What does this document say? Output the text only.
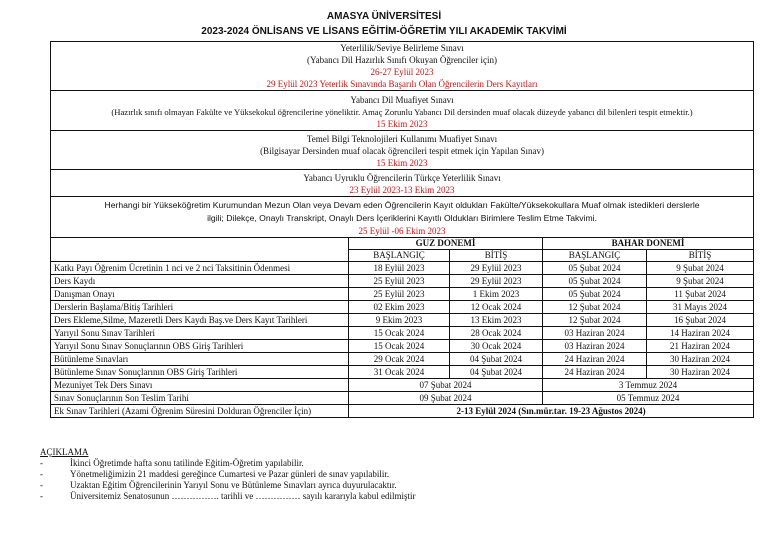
AMASYA ÜNİVERSİTESİ
2023-2024 ÖNLİSANS VE LİSANS EĞİTİM-ÖĞRETİM YILI AKADEMİK TAKVİMİ
Yeterlilik/Seviye Belirleme Sınavı
(Yabancı Dil Hazırlık Sınıfı Okuyan Öğrenciler için)
26-27 Eylül 2023
29 Eylül 2023 Yeterlik Sınavında Başarılı Olan Öğrencilerin Ders Kayıtları				

Yabancı Dil Muafiyet Sınavı
(Hazırlık sınıfı olmayan Fakülte ve Yüksekokul öğrencilerine yöneliktir. Amaç Zorunlu Yabancı Dil dersinden muaf olacak düzeyde yabancı dil bilenleri tespit etmektir.)
15 Ekim 2023				

Temel Bilgi Teknolojileri Kullanımı Muafiyet Sınavı
(Bilgisayar Dersinden muaf olacak öğrencileri tespit etmek için Yapılan Sınav)
15 Ekim 2023				

Yabancı Uyruklu Öğrencilerin Türkçe Yeterlilik Sınavı
23 Eylül 2023-13 Ekim 2023				

Herhangi bir Yükseköğretim Kurumundan Mezun Olan veya Devam eden Öğrencilerin Kayıt oldukları Fakülte/Yüksekokullara Muaf olmak istedikleri derslerle
ilgili; Dilekçe, Onaylı Transkript, Onaylı Ders İçeriklerini Kayıtlı Oldukları Birimlere Teslim Etme Takvimi.
25 Eylül -06 Ekim 2023				

	GUZ DONEMİ		BAHAR DONEMİ	
	BAŞLANGIÇ	BİTİŞ	BAŞLANGIÇ	BİTİŞ
Katkı Payı Öğrenim Ücretinin 1 nci ve 2 nci Taksitinin Ödenmesi	18 Eylül 2023	29 Eylül 2023	05 Şubat 2024	9 Şubat 2024
Ders Kaydı	25 Eylül 2023	29 Eylül 2023	05 Şubat 2024	9 Şubat 2024
Danışman Onayı	25 Eylül 2023	1 Ekim 2023	05 Şubat 2024	11 Şubat 2024
Derslerin Başlama/Bitiş Tarihleri	02 Ekim 2023	12 Ocak 2024	12 Şubat 2024	31 Mayıs 2024
Ders Ekleme,Silme, Mazeretli Ders Kaydı Baş.ve Ders Kayıt Tarihleri	9 Ekim 2023	13 Ekim 2023	12 Şubat 2024	16 Şubat 2024
Yarıyıl Sonu Sınav Tarihleri	15 Ocak 2024	28 Ocak 2024	03 Haziran 2024	14 Haziran 2024
Yarıyıl Sonu Sınav Sonuçlarının OBS Giriş Tarihleri	15 Ocak 2024	30 Ocak 2024	03 Haziran 2024	21 Haziran 2024
Bütünleme Sınavları	29 Ocak 2024	04 Şubat 2024	24 Haziran 2024	30 Haziran 2024
Bütünleme Sınav Sonuçlarının OBS Giriş Tarihleri	31 Ocak 2024	04 Şubat 2024	24 Haziran 2024	30 Haziran 2024
Mezuniyet Tek Ders Sınavı	07 Şubat 2024		3 Temmuz 2024	
Sınav Sonuçlarının Son Teslim Tarihi	09 Şubat 2024		05 Temmuz 2024	
Ek Sınav Tarihleri (Azami Öğrenim Süresini Dolduran Öğrenciler İçin)	2-13 Eylül 2024 (Sın.mür.tar. 19-23 Ağustos 2024)			
AÇIKLAMA
-	İkinci Öğretimde hafta sonu tatilinde Eğitim-Öğretim yapılabilir.
-	Yönetmeliğimizin 21 maddesi gereğince Cumartesi ve Pazar günleri de sınav yapılabilir.
-	Uzaktan Eğitim Öğrencilerinin Yarıyıl Sonu ve Bütünleme Sınavları ayrıca duyurulacaktır.
-	Üniversitemiz Senatosunun ……………. tarihli ve …………… sayılı kararıyla kabul edilmiştir
